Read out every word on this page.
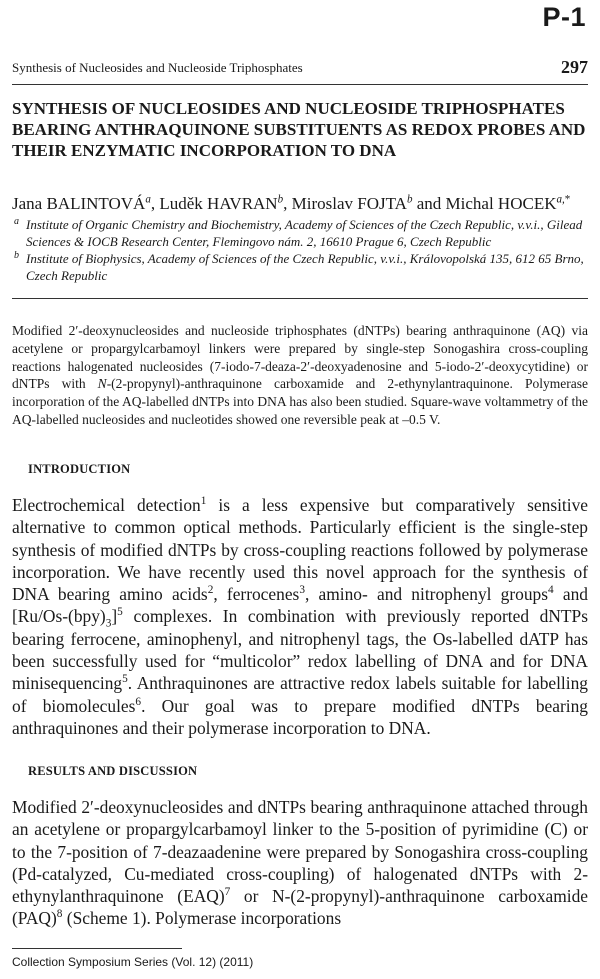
P-1
Synthesis of Nucleosides and Nucleoside Triphosphates	297
SYNTHESIS OF NUCLEOSIDES AND NUCLEOSIDE TRIPHOSPHATES BEARING ANTHRAQUINONE SUBSTITUENTS AS REDOX PROBES AND THEIR ENZYMATIC INCORPORATION TO DNA
Jana BALINTOVÁ$^a$, Luděk HAVRAN$^b$, Miroslav FOJTA$^b$ and Michal $HOCEK^{a,*}$
a Institute of Organic Chemistry and Biochemistry, Academy of Sciences of the Czech Republic, v.v.i., Gilead Sciences & IOCB Research Center, Flemingovo nám. 2, 16610 Prague 6, Czech Republic
b Institute of Biophysics, Academy of Sciences of the Czech Republic, v.v.i., Královopolská 135, 612 65 Brno, Czech Republic
Modified 2′-deoxynucleosides and nucleoside triphosphates (dNTPs) bearing anthraquinone (AQ) via acetylene or propargylcarbamoyl linkers were prepared by single-step Sonogashira cross-coupling reactions halogenated nucleosides (7-iodo-7-deaza-2′-deoxyadenosine and 5-iodo-2′-deoxycytidine) or dNTPs with N-(2-propynyl)-anthraquinone carboxamide and 2-ethynylantraquinone. Polymerase incorporation of the AQ-labelled dNTPs into DNA has also been studied. Square-wave voltammetry of the AQ-labelled nucleosides and nucleotides showed one reversible peak at –0.5 V.
INTRODUCTION
Electrochemical detection$^1$ is a less expensive but comparatively sensitive alternative to common optical methods. Particularly efficient is the single-step synthesis of modified dNTPs by cross-coupling reactions followed by polymerase incorporation. We have recently used this novel approach for the synthesis of DNA bearing amino acids$^2$, ferrocenes$^3$, amino- and nitrophenyl groups$^4$ and $[Ru/Os-(bpy)_3]^5$ complexes. In combination with previously reported dNTPs bearing ferrocene, aminophenyl, and nitrophenyl tags, the Os-labelled dATP has been successfully used for “multicolor” redox labelling of DNA and for DNA minisequencing$^5$. Anthraquinones are attractive redox labels suitable for labelling of biomolecules$^6$. Our goal was to prepare modified dNTPs bearing anthraquinones and their polymerase incorporation to DNA.
RESULTS AND DISCUSSION
Modified 2′-deoxynucleosides and dNTPs bearing anthraquinone attached through an acetylene or propargylcarbamoyl linker to the 5-position of pyrimidine (C) or to the 7-position of 7-deazaadenine were prepared by Sonogashira cross-coupling (Pd-catalyzed, Cu-mediated cross-coupling) of halogenated dNTPs with 2-ethynylanthraquinone (EAQ)$^7$ or N-(2-propynyl)-anthraquinone carboxamide (PAQ)$^8$ (Scheme 1). Polymerase incorporations
Collection Symposium Series (Vol. 12) (2011)
